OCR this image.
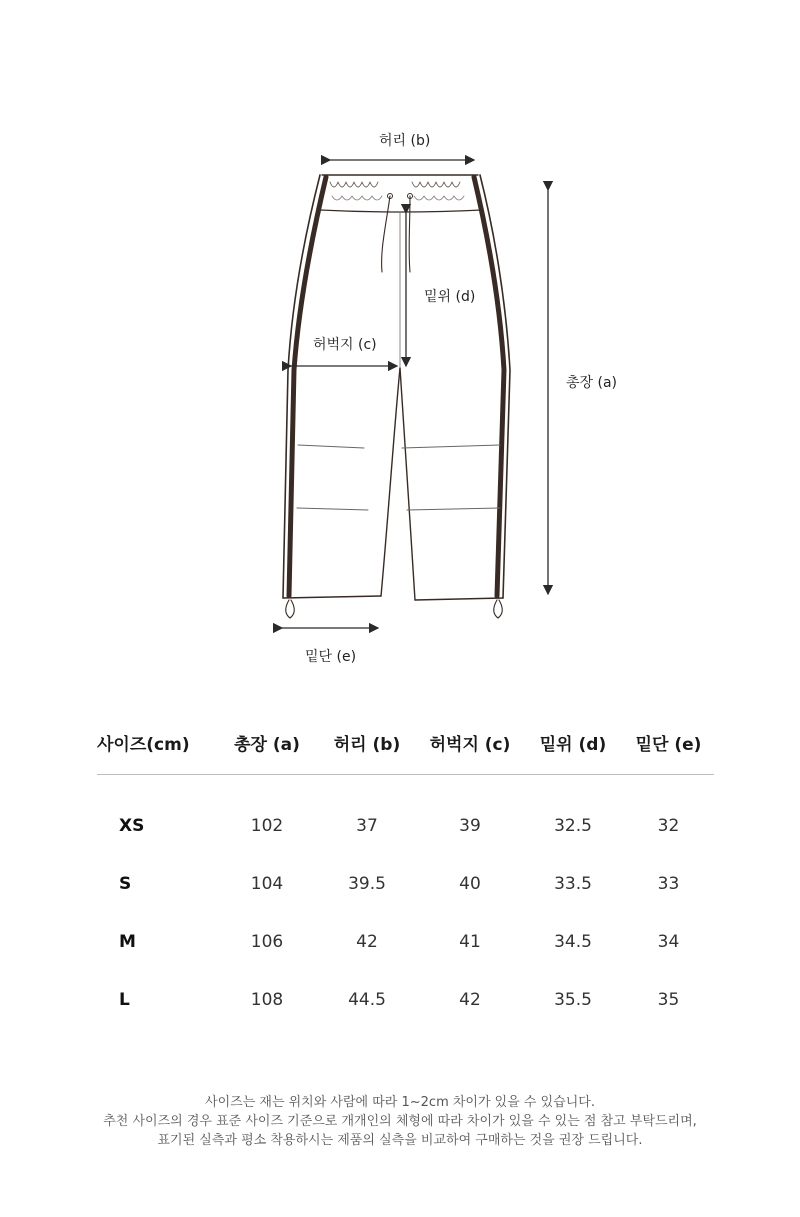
허리 (b)
밑위 (d)
허벅지 (c)
총장 (a)
밑단 (e)
사이즈(cm)	총장 (a)	허리 (b)	허벅지 (c)	밑위 (d)	밑단 (e)

XS	102	37	39	32.5	32
S	104	39.5	40	33.5	33
M	106	42	41	34.5	34
L	108	44.5	42	35.5	35
사이즈는 재는 위치와 사람에 따라 1~2cm 차이가 있을 수 있습니다.
추천 사이즈의 경우 표준 사이즈 기준으로 개개인의 체형에 따라 차이가 있을 수 있는 점 참고 부탁드리며,
표기된 실측과 평소 착용하시는 제품의 실측을 비교하여 구매하는 것을 권장 드립니다.
